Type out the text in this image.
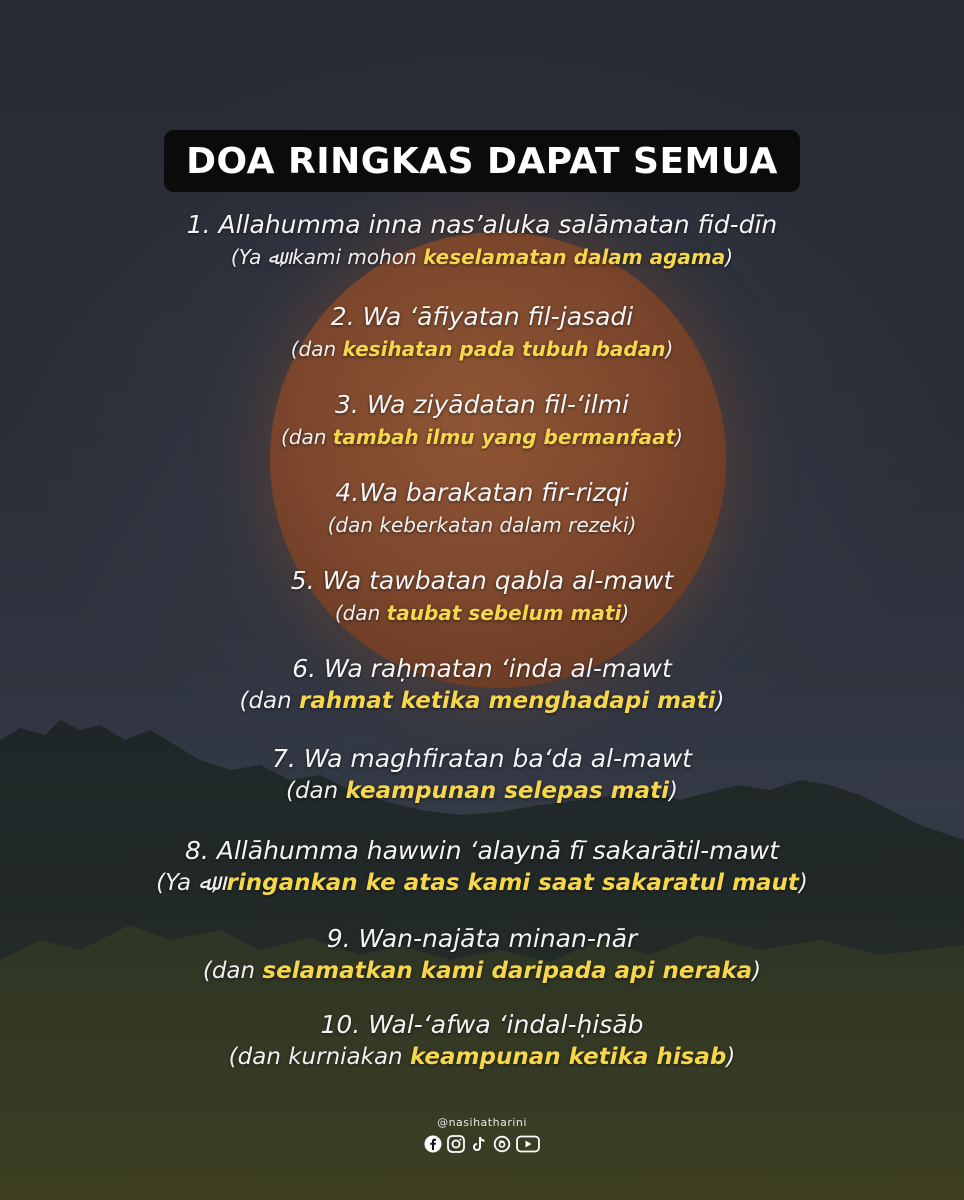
DOA RINGKAS DAPAT SEMUA
1. Allahumma inna nas’aluka salāmatan fid-dīn
(Ya ﷲ, kami mohon keselamatan dalam agama)
2. Wa ‘āfiyatan fil-jasadi
(dan kesihatan pada tubuh badan)
3. Wa ziyādatan fil-‘ilmi
(dan tambah ilmu yang bermanfaat)
4.Wa barakatan fir-rizqi
(dan keberkatan dalam rezeki)
5. Wa tawbatan qabla al-mawt
(dan taubat sebelum mati)
6. Wa raḥmatan ‘inda al-mawt
(dan rahmat ketika menghadapi mati)
7. Wa maghfiratan ba‘da al-mawt
(dan keampunan selepas mati)
8. Allāhumma hawwin ‘alaynā fī sakarātil-mawt
(Ya ﷲ, ringankan ke atas kami saat sakaratul maut)
9. Wan-najāta minan-nār
(dan selamatkan kami daripada api neraka)
10. Wal-‘afwa ‘indal-ḥisāb
(dan kurniakan keampunan ketika hisab)
@nasihatharini
